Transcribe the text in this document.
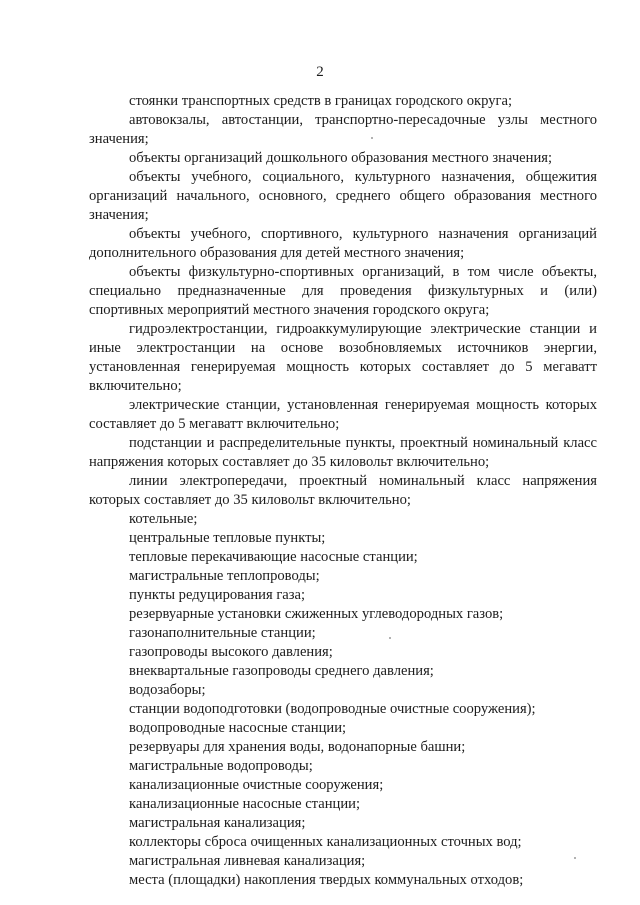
2

стоянки транспортных средств в границах городского округа;

автовокзалы, автостанции, транспортно-пересадочные узлы местного значения;

объекты организаций дошкольного образования местного значения;

объекты учебного, социального, культурного назначения, общежития организаций начального, основного, среднего общего образования местного значения;

объекты учебного, спортивного, культурного назначения организаций дополнительного образования для детей местного значения;

объекты физкультурно-спортивных организаций, в том числе объекты, специально предназначенные для проведения физкультурных и (или) спортивных мероприятий местного значения городского округа;

гидроэлектростанции, гидроаккумулирующие электрические станции и иные электростанции на основе возобновляемых источников энергии, установленная генерируемая мощность которых составляет до 5 мегаватт включительно;

электрические станции, установленная генерируемая мощность которых составляет до 5 мегаватт включительно;

подстанции и распределительные пункты, проектный номинальный класс напряжения которых составляет до 35 киловольт включительно;

линии электропередачи, проектный номинальный класс напряжения которых составляет до 35 киловольт включительно;

котельные;

центральные тепловые пункты;

тепловые перекачивающие насосные станции;

магистральные теплопроводы;

пункты редуцирования газа;

резервуарные установки сжиженных углеводородных газов;

газонаполнительные станции;

газопроводы высокого давления;

внеквартальные газопроводы среднего давления;

водозаборы;

станции водоподготовки (водопроводные очистные сооружения);

водопроводные насосные станции;

резервуары для хранения воды, водонапорные башни;

магистральные водопроводы;

канализационные очистные сооружения;

канализационные насосные станции;

магистральная канализация;

коллекторы сброса очищенных канализационных сточных вод;

магистральная ливневая канализация;

места (площадки) накопления твердых коммунальных отходов;
